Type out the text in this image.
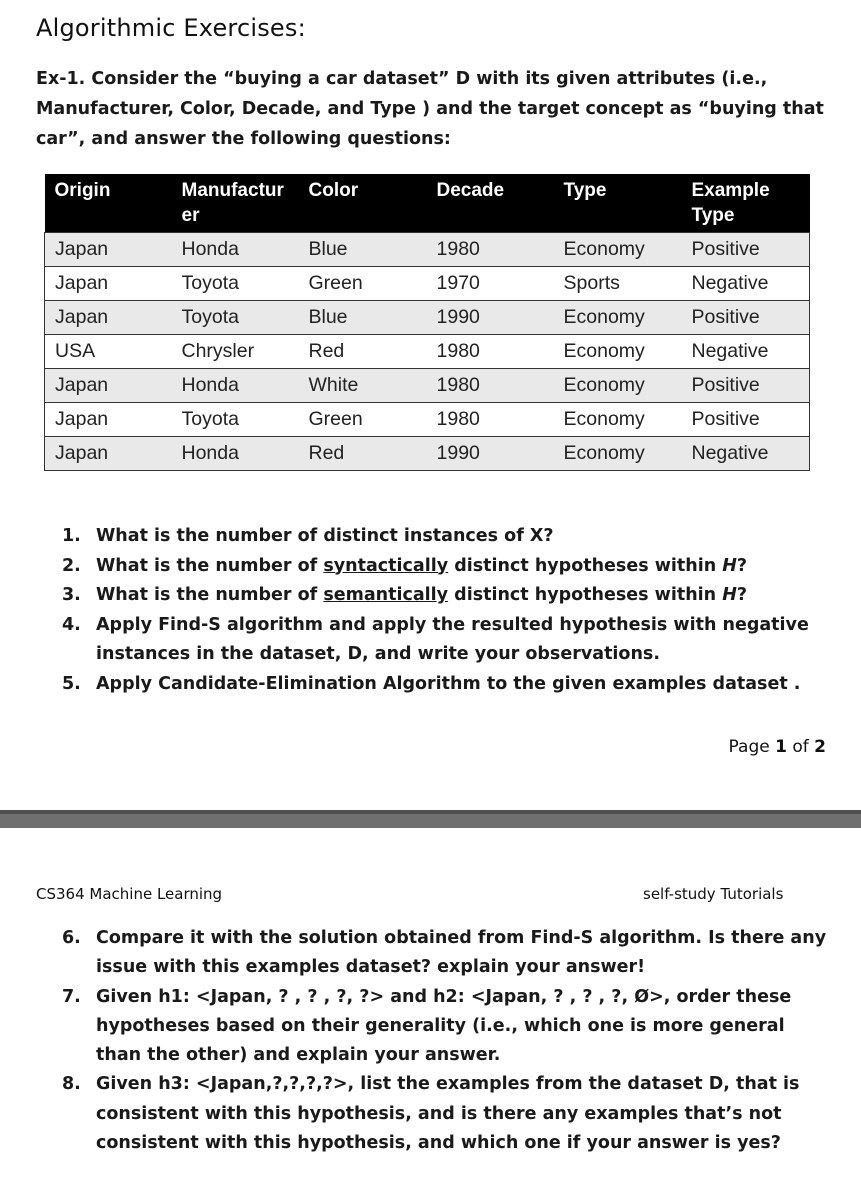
Algorithmic Exercises:

Ex-1. Consider the “buying a car dataset” D with its given attributes (i.e., Manufacturer, Color, Decade, and Type ) and the target concept as “buying that car”, and answer the following questions:

Origin	Manufactur er	Color	Decade	Type	Example Type
Japan	Honda	Blue	1980	Economy	Positive
Japan	Toyota	Green	1970	Sports	Negative
Japan	Toyota	Blue	1990	Economy	Positive
USA	Chrysler	Red	1980	Economy	Negative
Japan	Honda	White	1980	Economy	Positive
Japan	Toyota	Green	1980	Economy	Positive
Japan	Honda	Red	1990	Economy	Negative
1. What is the number of distinct instances of X?
2. What is the number of syntactically distinct hypotheses within H?
3. What is the number of semantically distinct hypotheses within H?
4. Apply Find-S algorithm and apply the resulted hypothesis with negative instances in the dataset, D, and write your observations.
5. Apply Candidate-Elimination Algorithm to the given examples dataset .
Page 1 of 2
CS364 Machine Learning	self-study Tutorials
6. Compare it with the solution obtained from Find-S algorithm. Is there any issue with this examples dataset? explain your answer!
7. Given h1: <Japan, ? , ? , ?, ?> and h2: <Japan, ? , ? , ?, Ø>, order these hypotheses based on their generality (i.e., which one is more general than the other) and explain your answer.
8. Given h3: <Japan,?,?,?,?>, list the examples from the dataset D, that is consistent with this hypothesis, and is there any examples that’s not consistent with this hypothesis, and which one if your answer is yes?
